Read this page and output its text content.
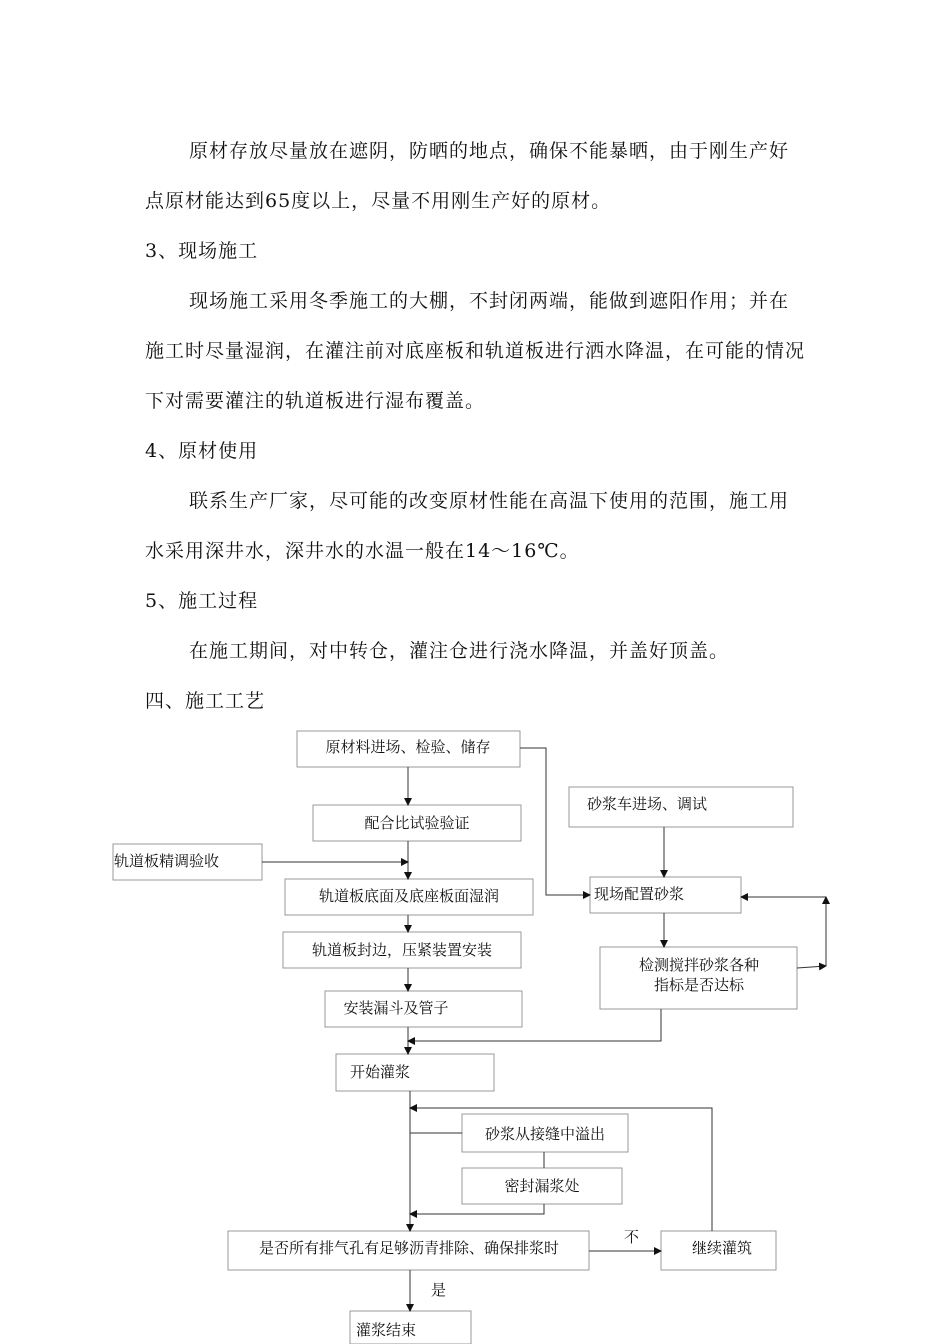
原材存放尽量放在遮阴，防晒的地点，确保不能暴晒，由于刚生产好点原材能达到65度以上，尽量不用刚生产好的原材。

3、现场施工

现场施工采用冬季施工的大棚，不封闭两端，能做到遮阳作用；并在施工时尽量湿润，在灌注前对底座板和轨道板进行洒水降温，在可能的情况下对需要灌注的轨道板进行湿布覆盖。

4、原材使用

联系生产厂家，尽可能的改变原材性能在高温下使用的范围，施工用水采用深井水，深井水的水温一般在14～16℃。

5、施工过程

在施工期间，对中转仓，灌注仓进行浇水降温，并盖好顶盖。

四、施工工艺

原材料进场、检验、储存
配合比试验验证
轨道板精调验收
轨道板底面及底座板面湿润
轨道板封边，压紧装置安装
安装漏斗及管子
开始灌浆
砂浆车进场、调试
现场配置砂浆
检测搅拌砂浆各种
指标是否达标
砂浆从接缝中溢出
密封漏浆处
是否所有排气孔有足够沥青排除、确保排浆时	继续灌筑
灌浆结束
不
是
